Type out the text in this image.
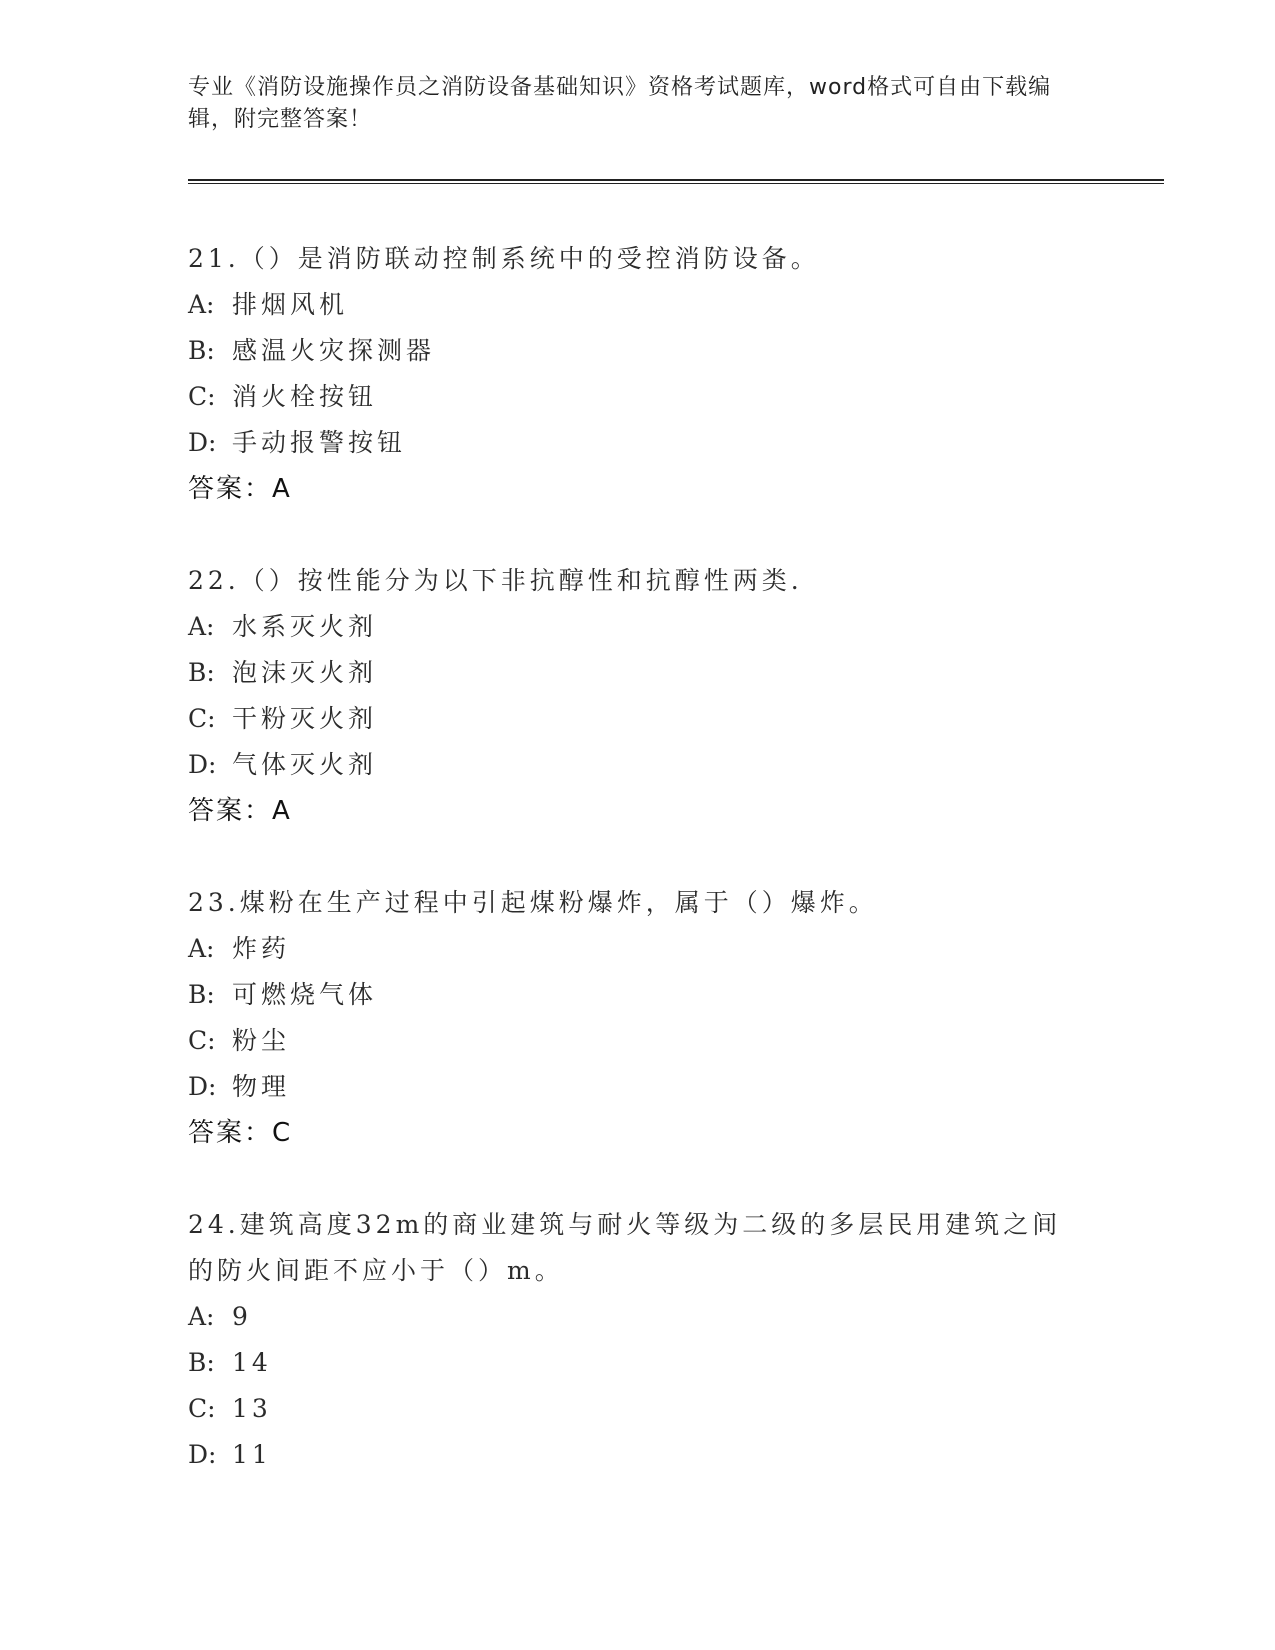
专业《消防设施操作员之消防设备基础知识》资格考试题库，word格式可自由下载编辑，附完整答案！
21.（）是消防联动控制系统中的受控消防设备。
A: 排烟风机
B: 感温火灾探测器
C: 消火栓按钮
D: 手动报警按钮
答案：A
22.（）按性能分为以下非抗醇性和抗醇性两类.
A: 水系灭火剂
B: 泡沫灭火剂
C: 干粉灭火剂
D: 气体灭火剂
答案：A
23.煤粉在生产过程中引起煤粉爆炸，属于（）爆炸。
A: 炸药
B: 可燃烧气体
C: 粉尘
D: 物理
答案：C
24.建筑高度32m的商业建筑与耐火等级为二级的多层民用建筑之间的防火间距不应小于（）m。
A: 9
B: 14
C: 13
D: 11
